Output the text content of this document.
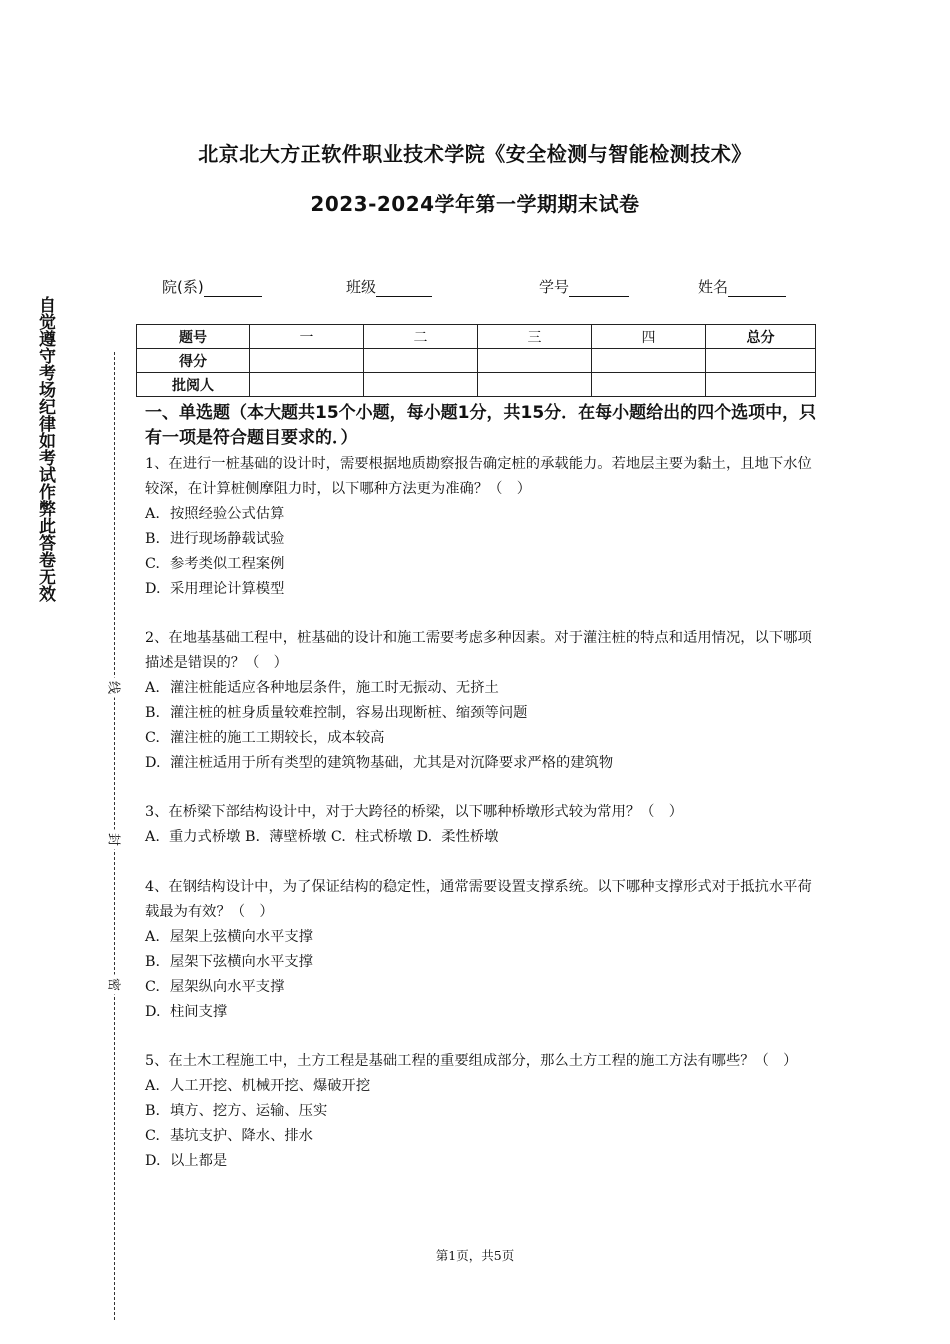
北京北大方正软件职业技术学院《安全检测与智能检测技术》
2023-2024学年第一学期期末试卷
院(系)	班级	学号	姓名
题号	一	二	三	四	总分
得分					
批阅人					
自觉遵守考场纪律如考试作弊此答卷无效
线
封
密
一、单选题（本大题共15个小题，每小题1分，共15分．在每小题给出的四个选项中，只有一项是符合题目要求的．）

1、在进行一桩基础的设计时，需要根据地质勘察报告确定桩的承载能力。若地层主要为黏土，且地下水位较深，在计算桩侧摩阻力时，以下哪种方法更为准确？（　）

A. 按照经验公式估算

B. 进行现场静载试验

C. 参考类似工程案例

D. 采用理论计算模型

2、在地基基础工程中，桩基础的设计和施工需要考虑多种因素。对于灌注桩的特点和适用情况，以下哪项描述是错误的？（　）

A. 灌注桩能适应各种地层条件，施工时无振动、无挤土

B. 灌注桩的桩身质量较难控制，容易出现断桩、缩颈等问题

C. 灌注桩的施工工期较长，成本较高

D. 灌注桩适用于所有类型的建筑物基础，尤其是对沉降要求严格的建筑物

3、在桥梁下部结构设计中，对于大跨径的桥梁，以下哪种桥墩形式较为常用？（　）

A.  重力式桥墩 B.  薄壁桥墩 C.  柱式桥墩 D.  柔性桥墩

4、在钢结构设计中，为了保证结构的稳定性，通常需要设置支撑系统。以下哪种支撑形式对于抵抗水平荷载最为有效？（　）

A. 屋架上弦横向水平支撑

B. 屋架下弦横向水平支撑

C. 屋架纵向水平支撑

D. 柱间支撑

5、在土木工程施工中，土方工程是基础工程的重要组成部分，那么土方工程的施工方法有哪些？（　）

A. 人工开挖、机械开挖、爆破开挖

B. 填方、挖方、运输、压实

C. 基坑支护、降水、排水

D. 以上都是

第1页，共5页
